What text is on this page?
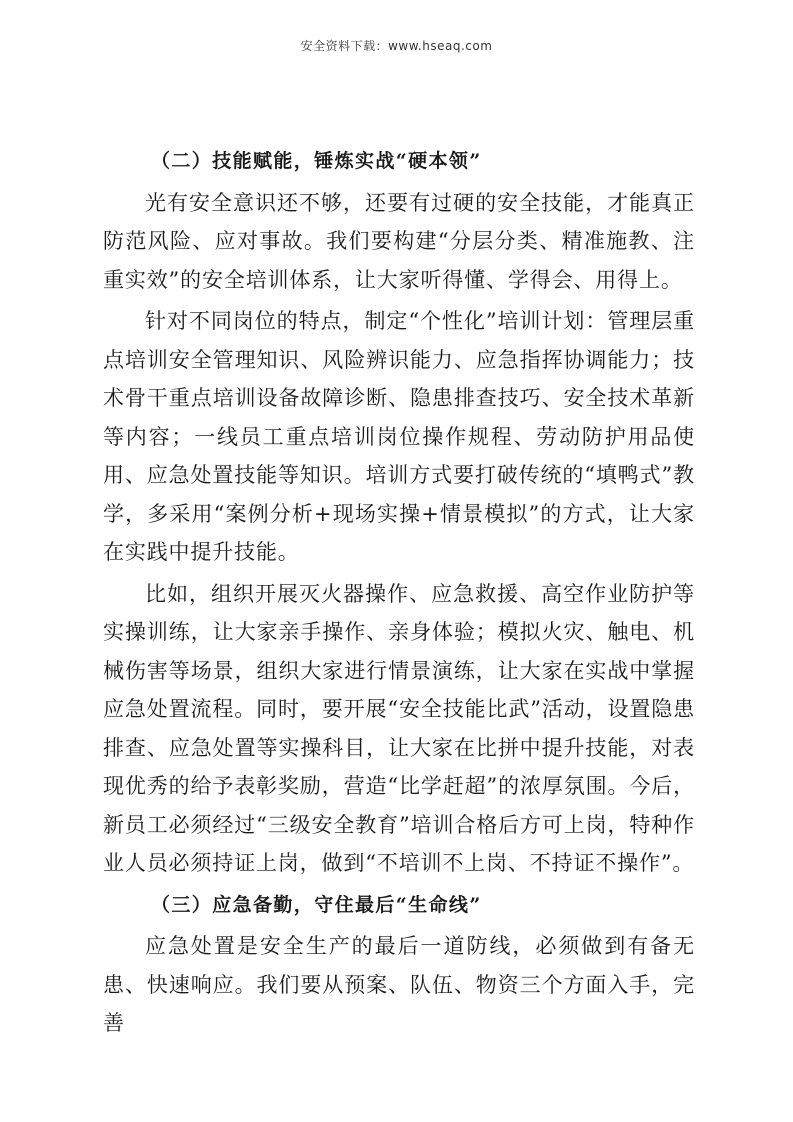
安全资料下载：www.hseaq.com
（二）技能赋能，锤炼实战“硬本领”
光有安全意识还不够，还要有过硬的安全技能，才能真正防范风险、应对事故。我们要构建“分层分类、精准施教、注重实效”的安全培训体系，让大家听得懂、学得会、用得上。
针对不同岗位的特点，制定“个性化”培训计划：管理层重点培训安全管理知识、风险辨识能力、应急指挥协调能力；技术骨干重点培训设备故障诊断、隐患排查技巧、安全技术革新等内容；一线员工重点培训岗位操作规程、劳动防护用品使用、应急处置技能等知识。培训方式要打破传统的“填鸭式”教学，多采用“案例分析+现场实操+情景模拟”的方式，让大家在实践中提升技能。
比如，组织开展灭火器操作、应急救援、高空作业防护等实操训练，让大家亲手操作、亲身体验；模拟火灾、触电、机械伤害等场景，组织大家进行情景演练，让大家在实战中掌握应急处置流程。同时，要开展“安全技能比武”活动，设置隐患排查、应急处置等实操科目，让大家在比拼中提升技能，对表现优秀的给予表彰奖励，营造“比学赶超”的浓厚氛围。今后，新员工必须经过“三级安全教育”培训合格后方可上岗，特种作业人员必须持证上岗，做到“不培训不上岗、不持证不操作”。
（三）应急备勤，守住最后“生命线”
应急处置是安全生产的最后一道防线，必须做到有备无患、快速响应。我们要从预案、队伍、物资三个方面入手，完善
